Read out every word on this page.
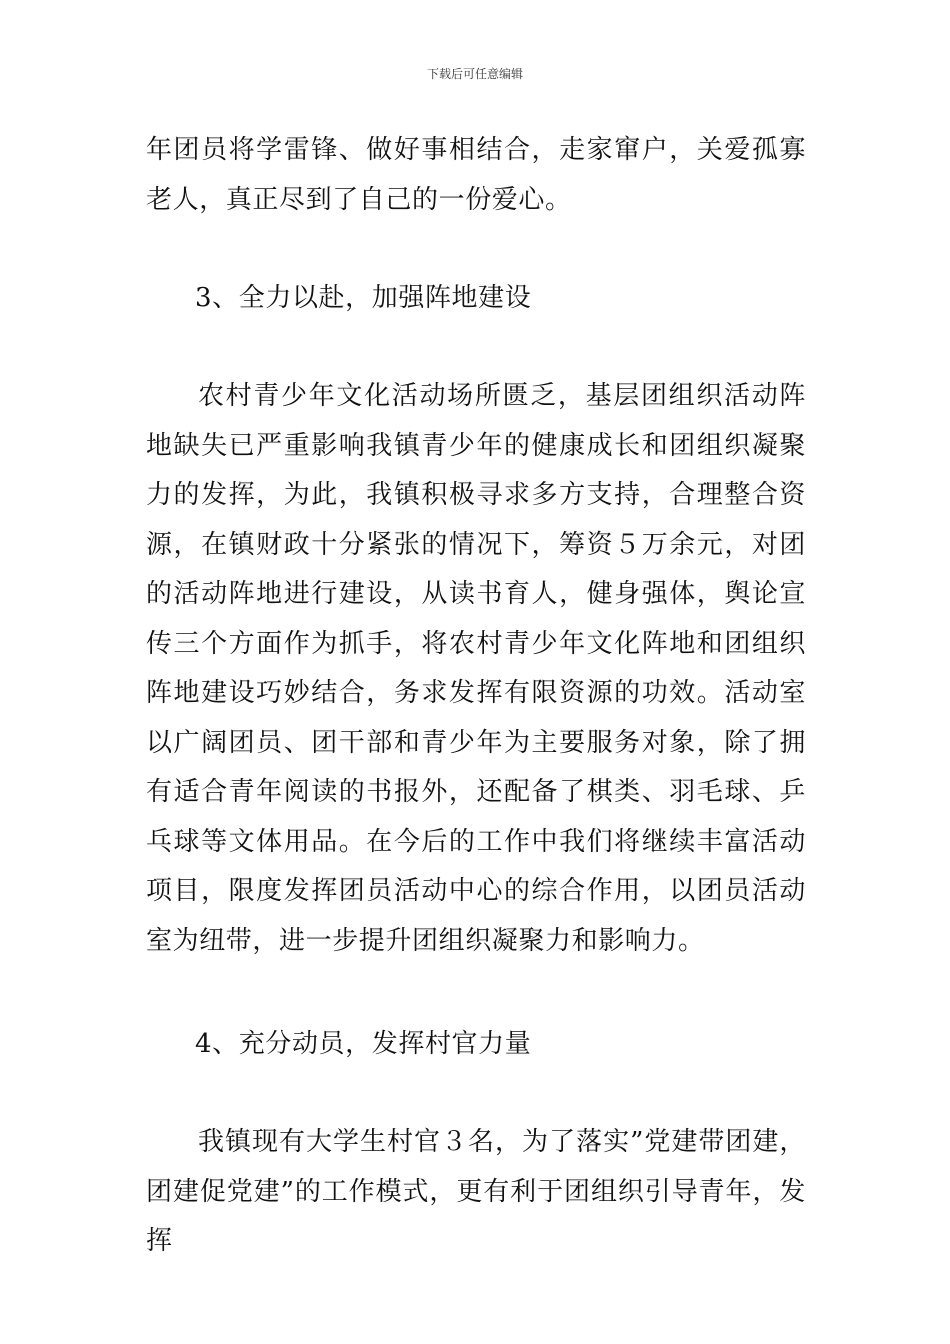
下载后可任意编辑

年团员将学雷锋、做好事相结合，走家窜户，关爱孤寡老人，真正尽到了自己的一份爱心。

3、全力以赴，加强阵地建设

农村青少年文化活动场所匮乏，基层团组织活动阵地缺失已严重影响我镇青少年的健康成长和团组织凝聚力的发挥，为此，我镇积极寻求多方支持，合理整合资源，在镇财政十分紧张的情况下，筹资５万余元，对团的活动阵地进行建设，从读书育人，健身强体，舆论宣传三个方面作为抓手，将农村青少年文化阵地和团组织阵地建设巧妙结合，务求发挥有限资源的功效。活动室以广阔团员、团干部和青少年为主要服务对象，除了拥有适合青年阅读的书报外，还配备了棋类、羽毛球、乒乓球等文体用品。在今后的工作中我们将继续丰富活动项目，限度发挥团员活动中心的综合作用，以团员活动室为纽带，进一步提升团组织凝聚力和影响力。

4、充分动员，发挥村官力量

我镇现有大学生村官３名，为了落实”党建带团建，团建促党建”的工作模式，更有利于团组织引导青年，发挥
